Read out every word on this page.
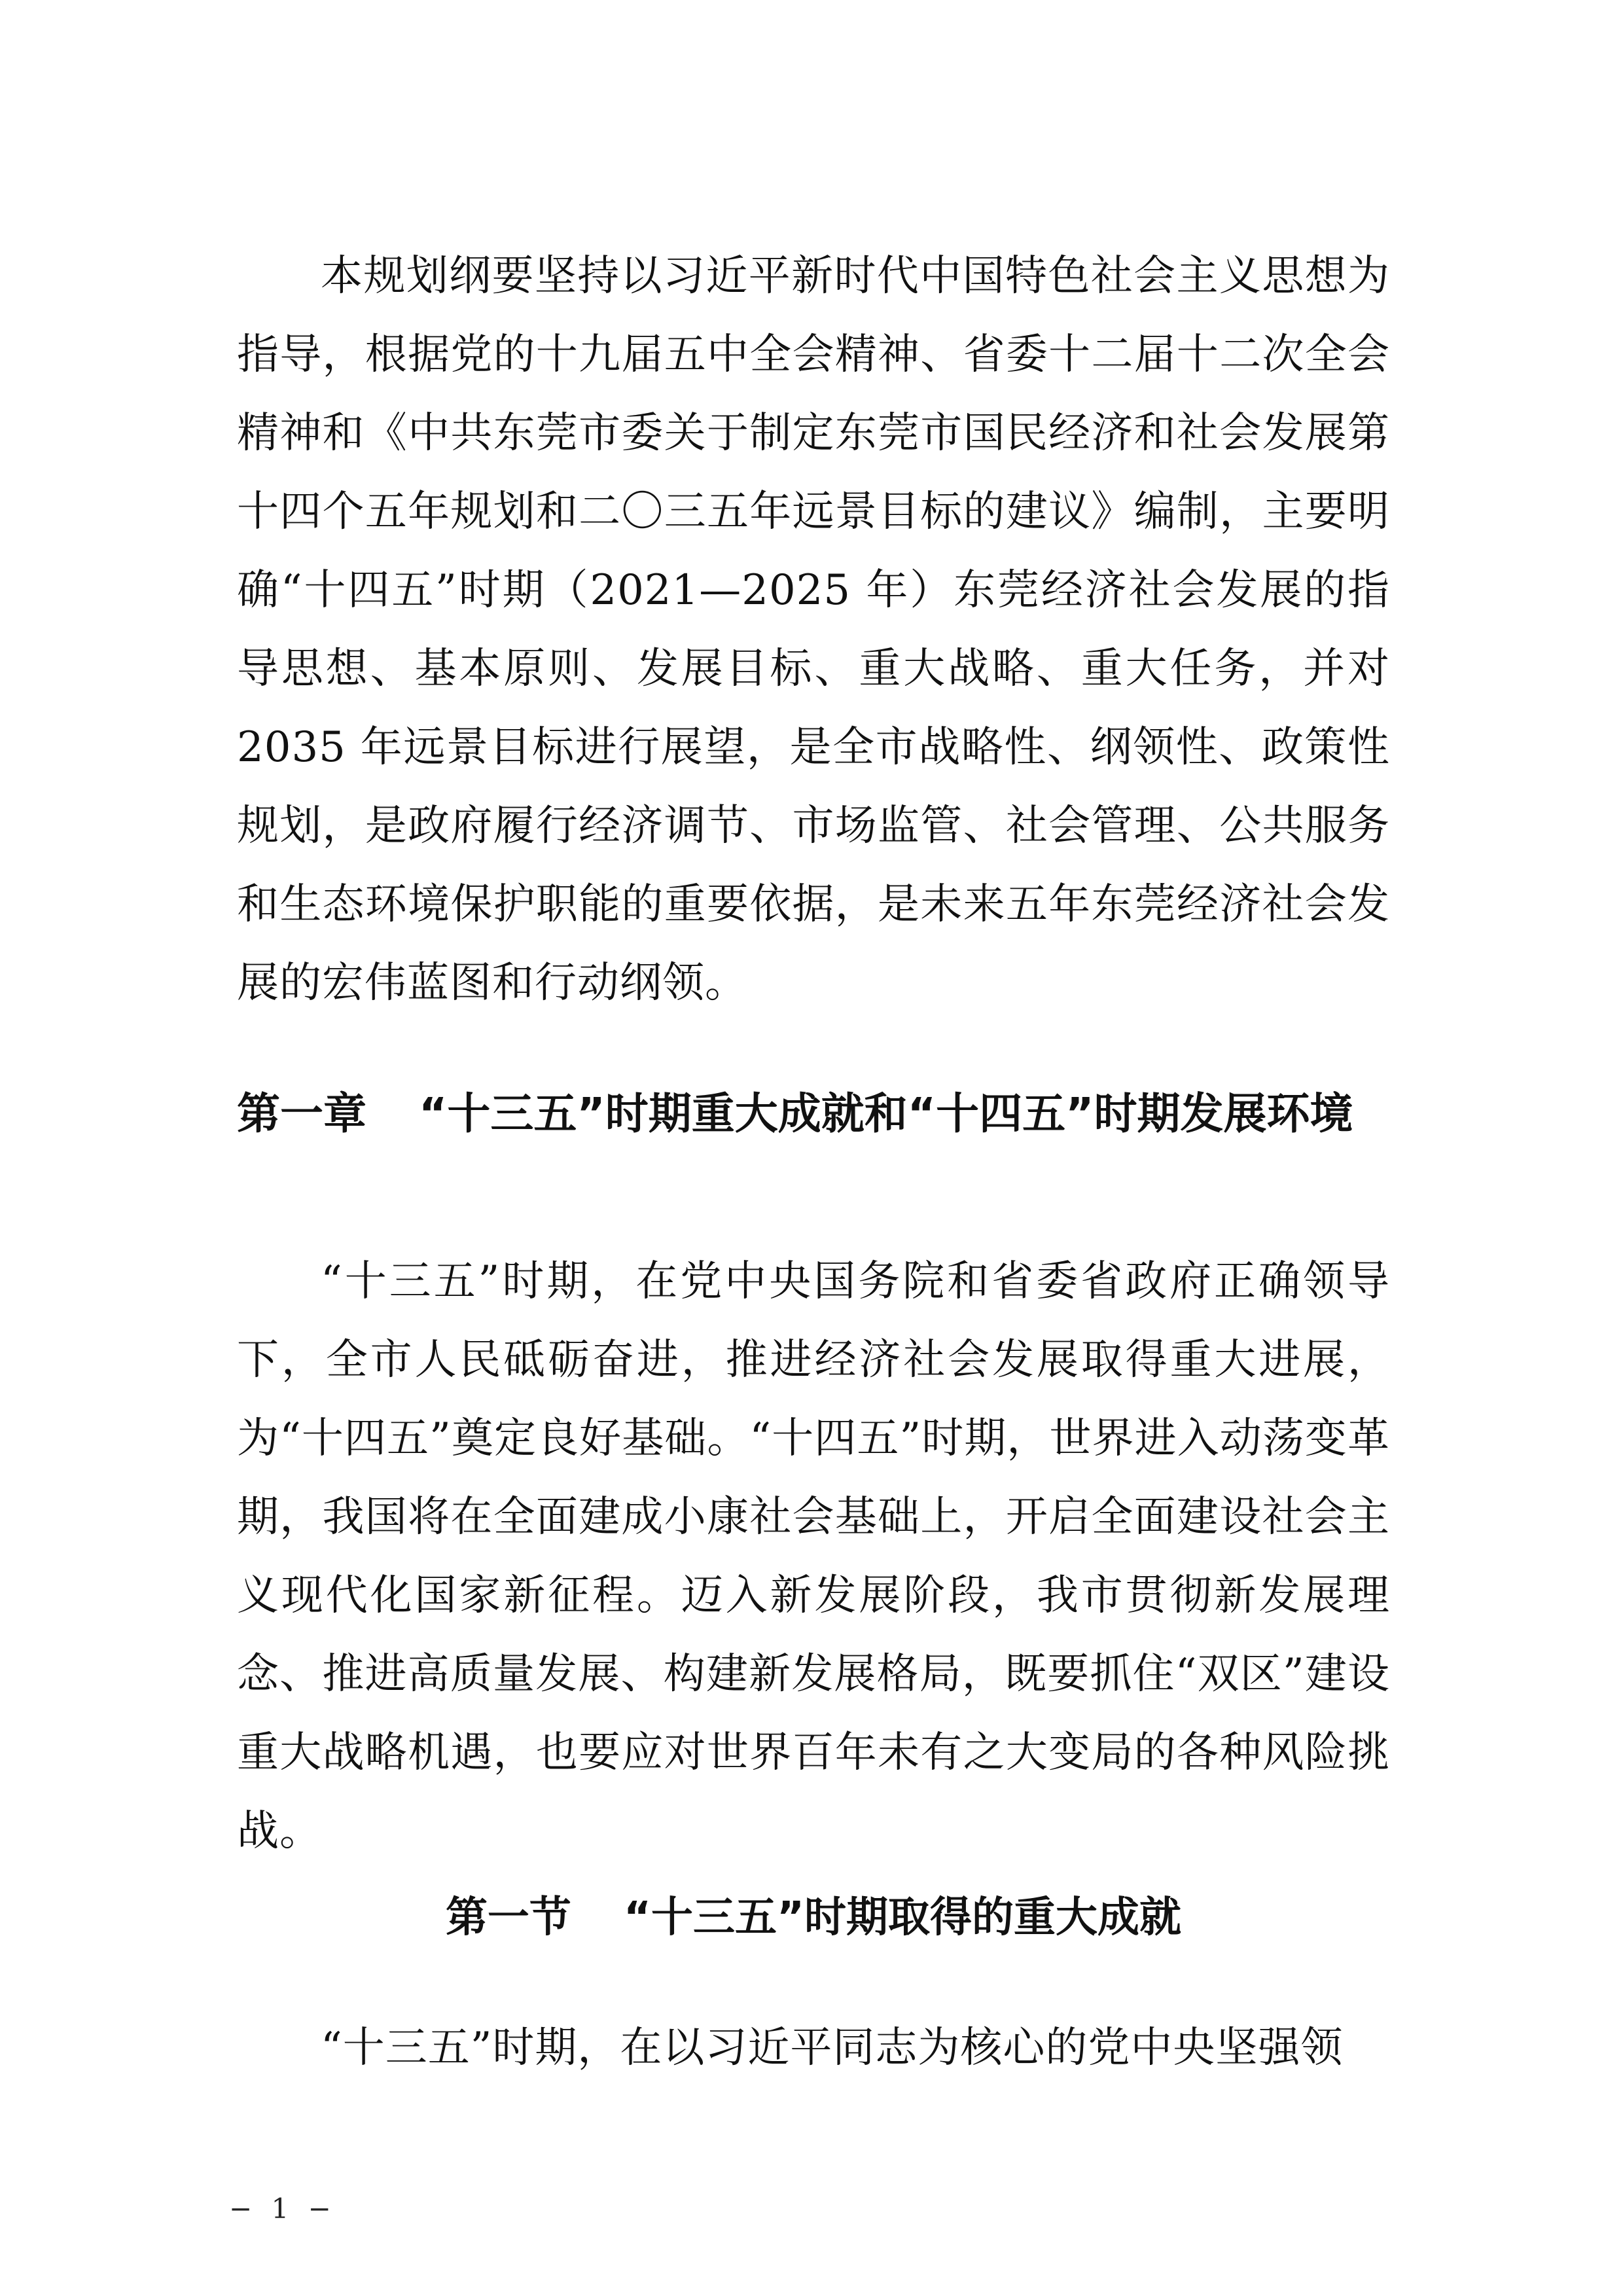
本规划纲要坚持以习近平新时代中国特色社会主义思想为指导，根据党的十九届五中全会精神、省委十二届十二次全会精神和《中共东莞市委关于制定东莞市国民经济和社会发展第十四个五年规划和二〇三五年远景目标的建议》编制，主要明确“十四五”时期（2021—2025 年）东莞经济社会发展的指导思想、基本原则、发展目标、重大战略、重大任务，并对 2035 年远景目标进行展望，是全市战略性、纲领性、政策性规划，是政府履行经济调节、市场监管、社会管理、公共服务和生态环境保护职能的重要依据，是未来五年东莞经济社会发展的宏伟蓝图和行动纲领。

第一章 “十三五”时期重大成就和“十四五”时期发展环境

“十三五”时期，在党中央国务院和省委省政府正确领导下，全市人民砥砺奋进，推进经济社会发展取得重大进展，为“十四五”奠定良好基础。“十四五”时期，世界进入动荡变革期，我国将在全面建成小康社会基础上，开启全面建设社会主义现代化国家新征程。迈入新发展阶段，我市贯彻新发展理念、推进高质量发展、构建新发展格局，既要抓住“双区”建设重大战略机遇，也要应对世界百年未有之大变局的各种风险挑战。

第一节 “十三五”时期取得的重大成就

“十三五”时期，在以习近平同志为核心的党中央坚强领

− 1 −
